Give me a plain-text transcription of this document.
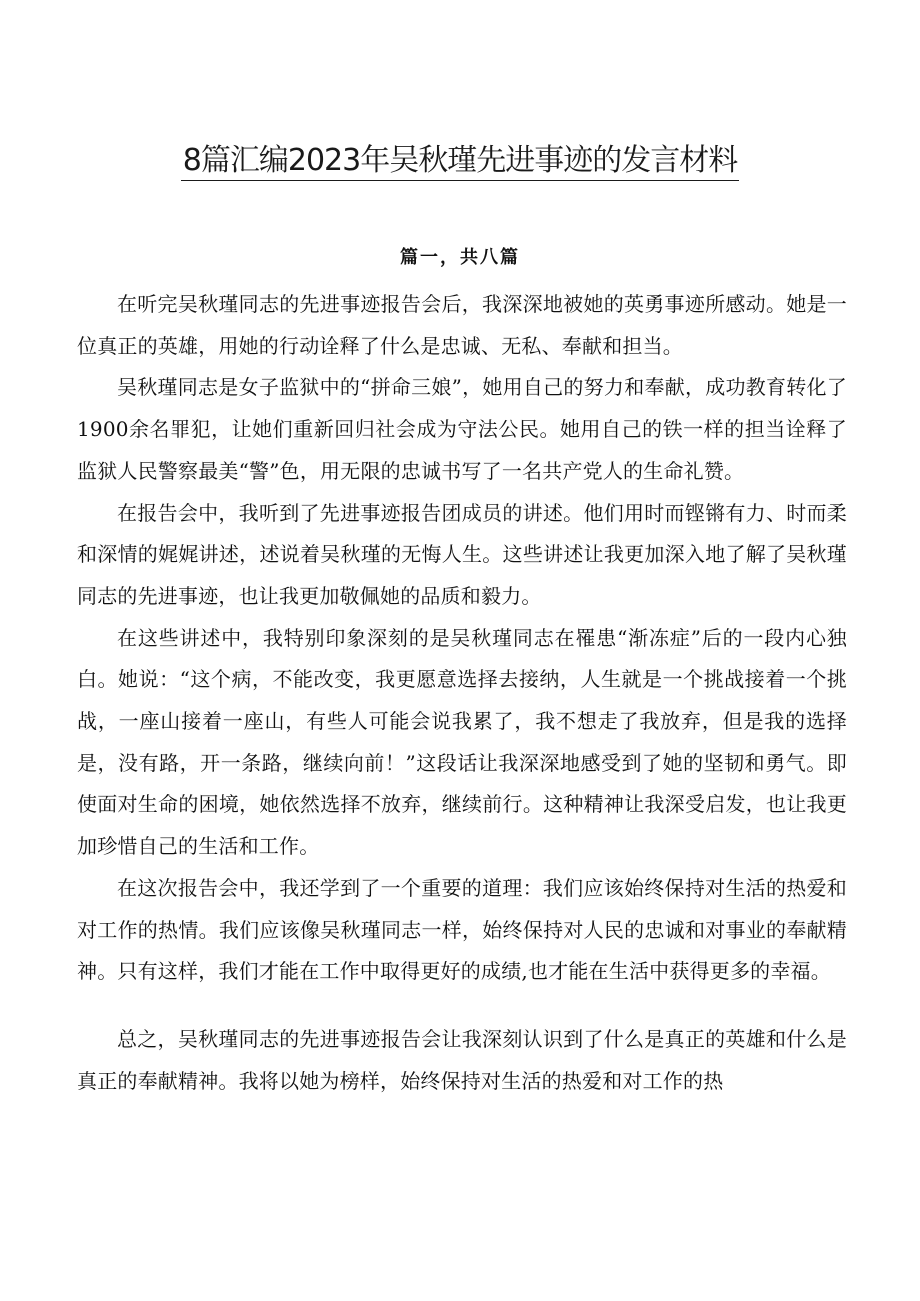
8篇汇编2023年吴秋瑾先进事迹的发言材料
篇一，共八篇

在听完吴秋瑾同志的先进事迹报告会后，我深深地被她的英勇事迹所感动。她是一位真正的英雄，用她的行动诠释了什么是忠诚、无私、奉献和担当。

吴秋瑾同志是女子监狱中的“拼命三娘”，她用自己的努力和奉献，成功教育转化了1900余名罪犯，让她们重新回归社会成为守法公民。她用自己的铁一样的担当诠释了监狱人民警察最美“警”色，用无限的忠诚书写了一名共产党人的生命礼赞。

在报告会中，我听到了先进事迹报告团成员的讲述。他们用时而铿锵有力、时而柔和深情的娓娓讲述，述说着吴秋瑾的无悔人生。这些讲述让我更加深入地了解了吴秋瑾同志的先进事迹，也让我更加敬佩她的品质和毅力。

在这些讲述中，我特别印象深刻的是吴秋瑾同志在罹患“渐冻症”后的一段内心独白。她说：“这个病，不能改变，我更愿意选择去接纳，人生就是一个挑战接着一个挑战，一座山接着一座山，有些人可能会说我累了，我不想走了我放弃，但是我的选择是，没有路，开一条路，继续向前！”这段话让我深深地感受到了她的坚韧和勇气。即使面对生命的困境，她依然选择不放弃，继续前行。这种精神让我深受启发，也让我更加珍惜自己的生活和工作。

在这次报告会中，我还学到了一个重要的道理：我们应该始终保持对生活的热爱和对工作的热情。我们应该像吴秋瑾同志一样，始终保持对人民的忠诚和对事业的奉献精神。只有这样，我们才能在工作中取得更好的成绩,也才能在生活中获得更多的幸福。

总之，吴秋瑾同志的先进事迹报告会让我深刻认识到了什么是真正的英雄和什么是真正的奉献精神。我将以她为榜样，始终保持对生活的热爱和对工作的热
